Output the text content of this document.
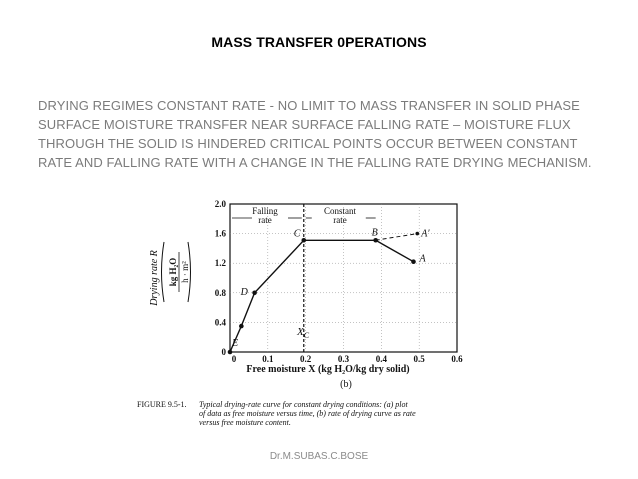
MASS TRANSFER 0PERATIONS
DRYING REGIMES CONSTANT RATE - NO LIMIT TO MASS TRANSFER IN SOLID PHASE SURFACE MOISTURE TRANSFER NEAR SURFACE FALLING RATE – MOISTURE FLUX THROUGH THE SOLID IS HINDERED CRITICAL POINTS OCCUR BETWEEN CONSTANT RATE AND FALLING RATE WITH A CHANGE IN THE FALLING RATE DRYING MECHANISM.
Drying rate R kg H₂O h · m²
0	0.1	0.2	0.3	0.4	0.5	0.6
0
0.4
0.8
1.2
1.6
2.0
Falling
rate
Constant
rate
A′
E
D
C	B
A
$X_C$
Free moisture X (kg H₂O/kg dry solid)
(b)
FIGURE 9.5-1. Typical drying-rate curve for constant drying conditions: (a) plot
of data as free moisture versus time, (b) rate of drying curve as rate
versus free moisture content.
Dr.M.SUBAS.C.BOSE
